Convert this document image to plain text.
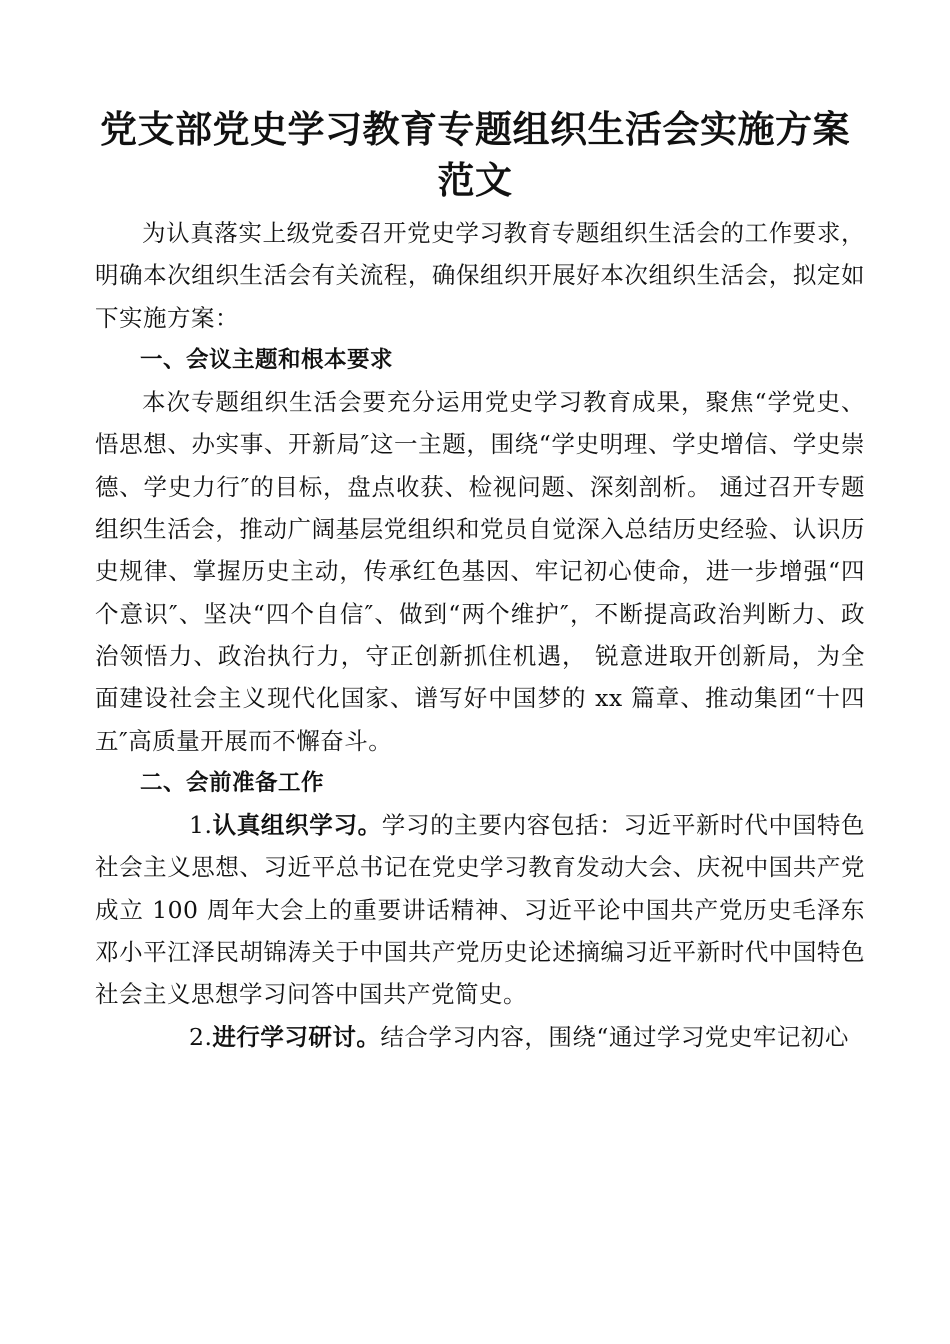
党支部党史学习教育专题组织生活会实施方案范文

为认真落实上级党委召开党史学习教育专题组织生活会的工作要求，明确本次组织生活会有关流程，确保组织开展好本次组织生活会，拟定如下实施方案：

一、会议主题和根本要求

本次专题组织生活会要充分运用党史学习教育成果，聚焦“学党史、悟思想、办实事、开新局″这一主题，围绕“学史明理、学史增信、学史崇德、学史力行″的目标，盘点收获、检视问题、深刻剖析。 通过召开专题组织生活会，推动广阔基层党组织和党员自觉深入总结历史经验、认识历史规律、掌握历史主动，传承红色基因、牢记初心使命，进一步增强“四个意识″、坚决“四个自信″、做到“两个维护″，不断提高政治判断力、政治领悟力、政治执行力，守正创新抓住机遇， 锐意进取开创新局，为全面建设社会主义现代化国家、谱写好中国梦的 xx 篇章、推动集团“十四五″高质量开展而不懈奋斗。

二、会前准备工作

1.认真组织学习。学习的主要内容包括：习近平新时代中国特色社会主义思想、习近平总书记在党史学习教育发动大会、庆祝中国共产党成立 100 周年大会上的重要讲话精神、习近平论中国共产党历史毛泽东邓小平江泽民胡锦涛关于中国共产党历史论述摘编习近平新时代中国特色社会主义思想学习问答中国共产党简史。

2.进行学习研讨。结合学习内容，围绕“通过学习党史牢记初心
